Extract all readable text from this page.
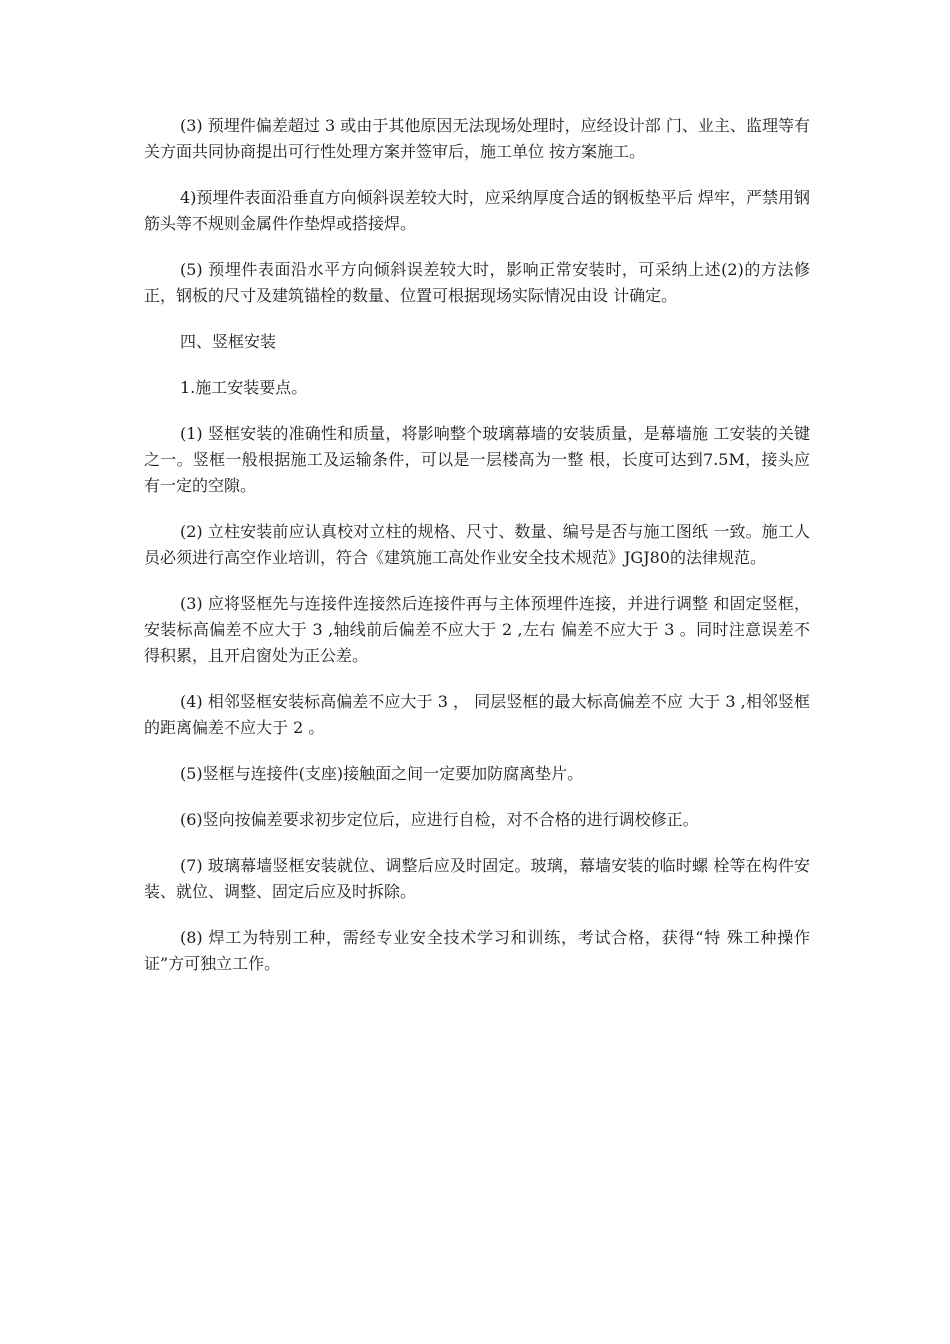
(3) 预埋件偏差超过 3 或由于其他原因无法现场处理时，应经设计部 门、业主、监理等有关方面共同协商提出可行性处理方案并签审后，施工单位 按方案施工。

4)预埋件表面沿垂直方向倾斜误差较大时，应采纳厚度合适的钢板垫平后 焊牢，严禁用钢筋头等不规则金属件作垫焊或搭接焊。

(5) 预埋件表面沿水平方向倾斜误差较大时，影响正常安装时，可采纳上述(2)的方法修正，钢板的尺寸及建筑锚栓的数量、位置可根据现场实际情况由设 计确定。

四、竖框安装

1.施工安装要点。

(1) 竖框安装的准确性和质量，将影响整个玻璃幕墙的安装质量，是幕墙施 工安装的关键之一。竖框一般根据施工及运输条件，可以是一层楼高为一整 根，长度可达到7.5M，接头应有一定的空隙。

(2) 立柱安装前应认真校对立柱的规格、尺寸、数量、编号是否与施工图纸 一致。施工人员必须进行高空作业培训，符合《建筑施工高处作业安全技术规范》JGJ80的法律规范。

(3) 应将竖框先与连接件连接然后连接件再与主体预埋件连接，并进行调整 和固定竖框，安装标高偏差不应大于 3 ,轴线前后偏差不应大于 2 ,左右 偏差不应大于 3 。同时注意误差不得积累，且开启窗处为正公差。

(4) 相邻竖框安装标高偏差不应大于 3 ， 同层竖框的最大标高偏差不应 大于 3 ,相邻竖框的距离偏差不应大于 2 。

(5)竖框与连接件(支座)接触面之间一定要加防腐离垫片。

(6)竖向按偏差要求初步定位后，应进行自检，对不合格的进行调校修正。

(7) 玻璃幕墙竖框安装就位、调整后应及时固定。玻璃，幕墙安装的临时螺 栓等在构件安装、就位、调整、固定后应及时拆除。

(8) 焊工为特别工种，需经专业安全技术学习和训练，考试合格，获得“特 殊工种操作证”方可独立工作。
